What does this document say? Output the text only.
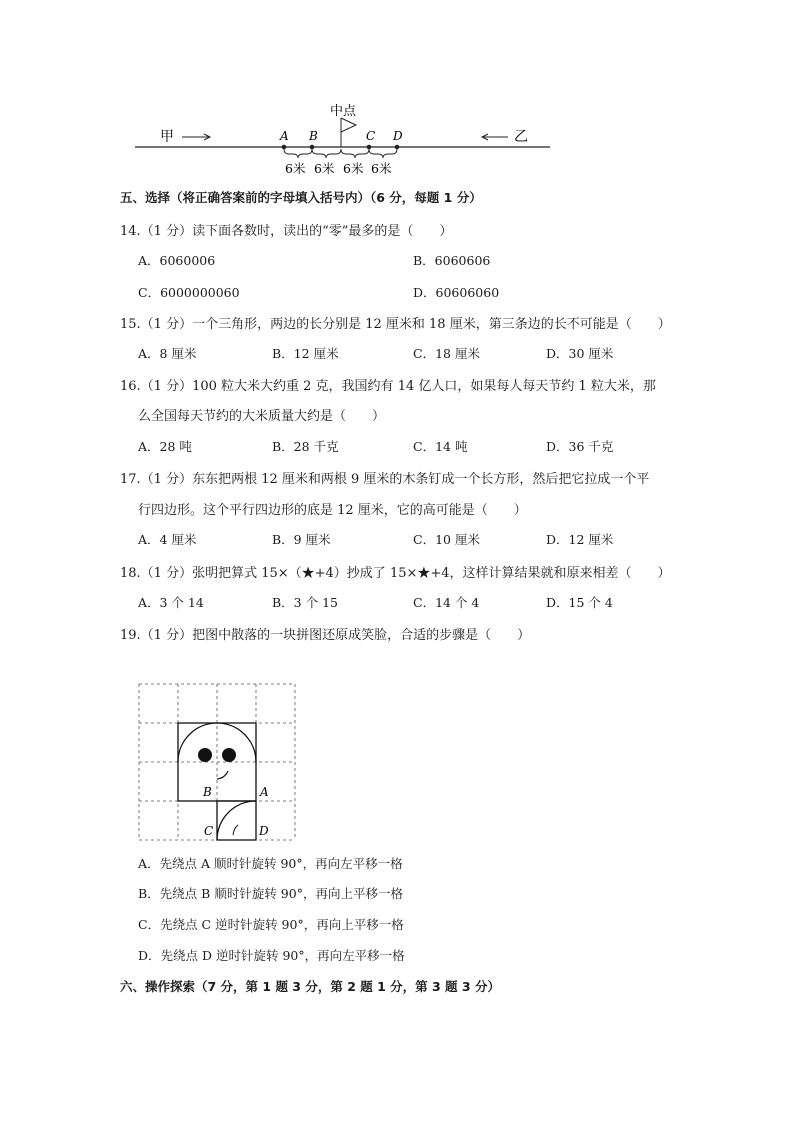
甲	乙
中点
A B	C D
6米 6米 6米 6米
五、选择（将正确答案前的字母填入括号内）（6 分，每题 1 分）
14.（1 分）读下面各数时，读出的“零”最多的是（　　）
A．6060006	B．6060606
C．6000000060	D．60606060
15.（1 分）一个三角形，两边的长分别是 12 厘米和 18 厘米，第三条边的长不可能是（　　）
A．8 厘米	B．12 厘米	C．18 厘米	D．30 厘米
16.（1 分）100 粒大米大约重 2 克，我国约有 14 亿人口，如果每人每天节约 1 粒大米，那
么全国每天节约的大米质量大约是（　　）
A．28 吨	B．28 千克	C．14 吨	D．36 千克
17.（1 分）东东把两根 12 厘米和两根 9 厘米的木条钉成一个长方形，然后把它拉成一个平
行四边形。这个平行四边形的底是 12 厘米，它的高可能是（　　）
A．4 厘米	B．9 厘米	C．10 厘米	D．12 厘米
18.（1 分）张明把算式 15×（★+4）抄成了 15×★+4，这样计算结果就和原来相差（　　）
A．3 个 14	B．3 个 15	C．14 个 4	D．15 个 4
19.（1 分）把图中散落的一块拼图还原成笑脸，合适的步骤是（　　）
B	A
C	D
A．先绕点 A 顺时针旋转 90°，再向左平移一格
B．先绕点 B 顺时针旋转 90°，再向上平移一格
C．先绕点 C 逆时针旋转 90°，再向上平移一格
D．先绕点 D 逆时针旋转 90°，再向左平移一格
六、操作探索（7 分，第 1 题 3 分，第 2 题 1 分，第 3 题 3 分）
